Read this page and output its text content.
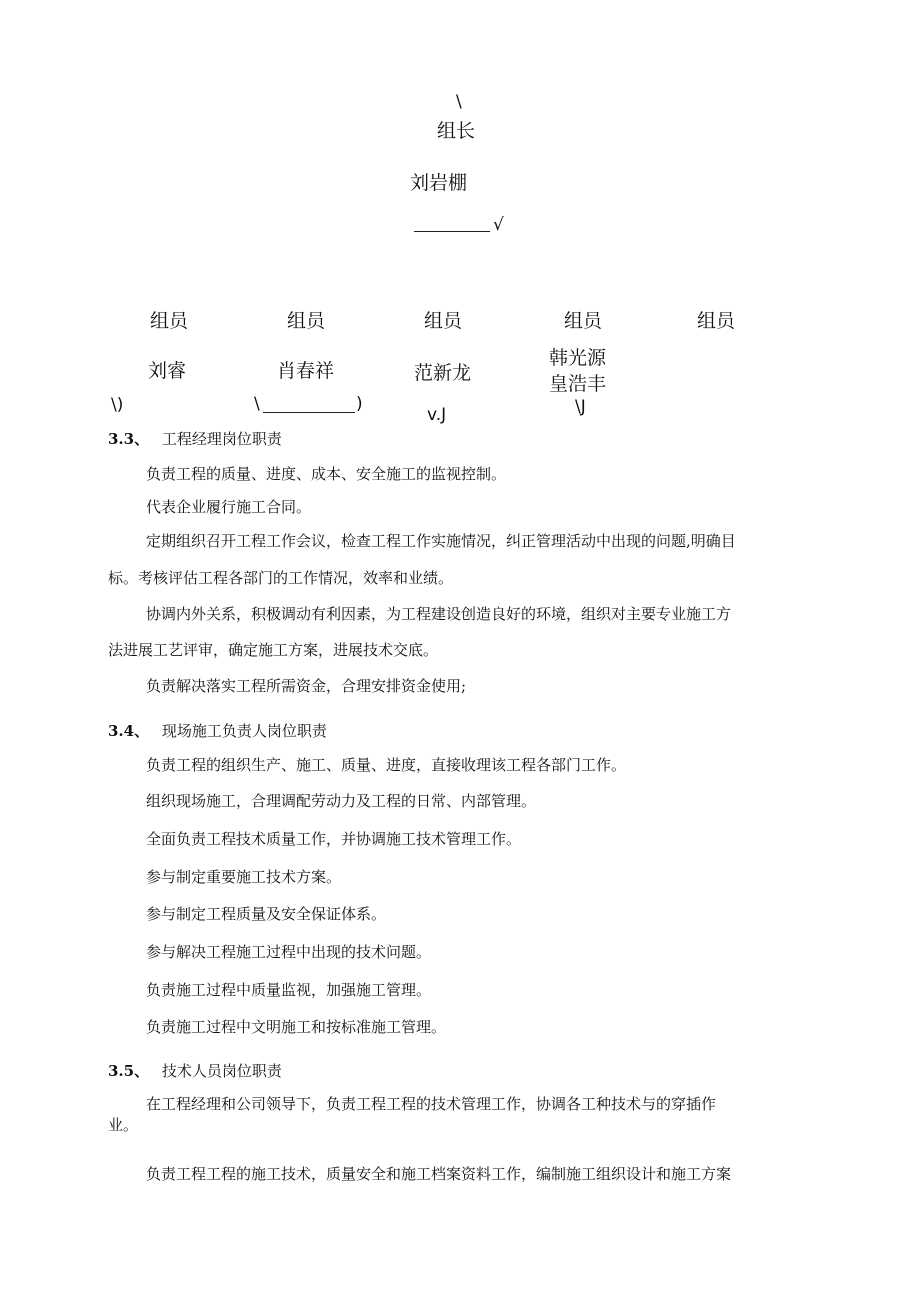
\
组长
刘岩棚
√
组员	组员	组员	组员	组员
刘睿	肖春祥	范新龙
韩光源
皇浩丰
\)	\	)
v.J	\J
3.3、 工程经理岗位职责
负责工程的质量、进度、成本、安全施工的监视控制。
代表企业履行施工合同。
定期组织召开工程工作会议，检查工程工作实施情况，纠正管理活动中出现的问题,明确目
标。考核评估工程各部门的工作情况，效率和业绩。
协调内外关系，积极调动有利因素，为工程建设创造良好的环境，组织对主要专业施工方
法进展工艺评审，确定施工方案，进展技术交底。
负责解决落实工程所需资金，合理安排资金使用;
3.4、 现场施工负责人岗位职责
负责工程的组织生产、施工、质量、进度，直接收理该工程各部门工作。
组织现场施工，合理调配劳动力及工程的日常、内部管理。
全面负责工程技术质量工作，并协调施工技术管理工作。
参与制定重要施工技术方案。
参与制定工程质量及安全保证体系。
参与解决工程施工过程中出现的技术问题。
负责施工过程中质量监视，加强施工管理。
负责施工过程中文明施工和按标准施工管理。
3.5、 技术人员岗位职责
在工程经理和公司领导下，负责工程工程的技术管理工作，协调各工种技术与的穿插作
业。
负责工程工程的施工技术，质量安全和施工档案资料工作，编制施工组织设计和施工方案
